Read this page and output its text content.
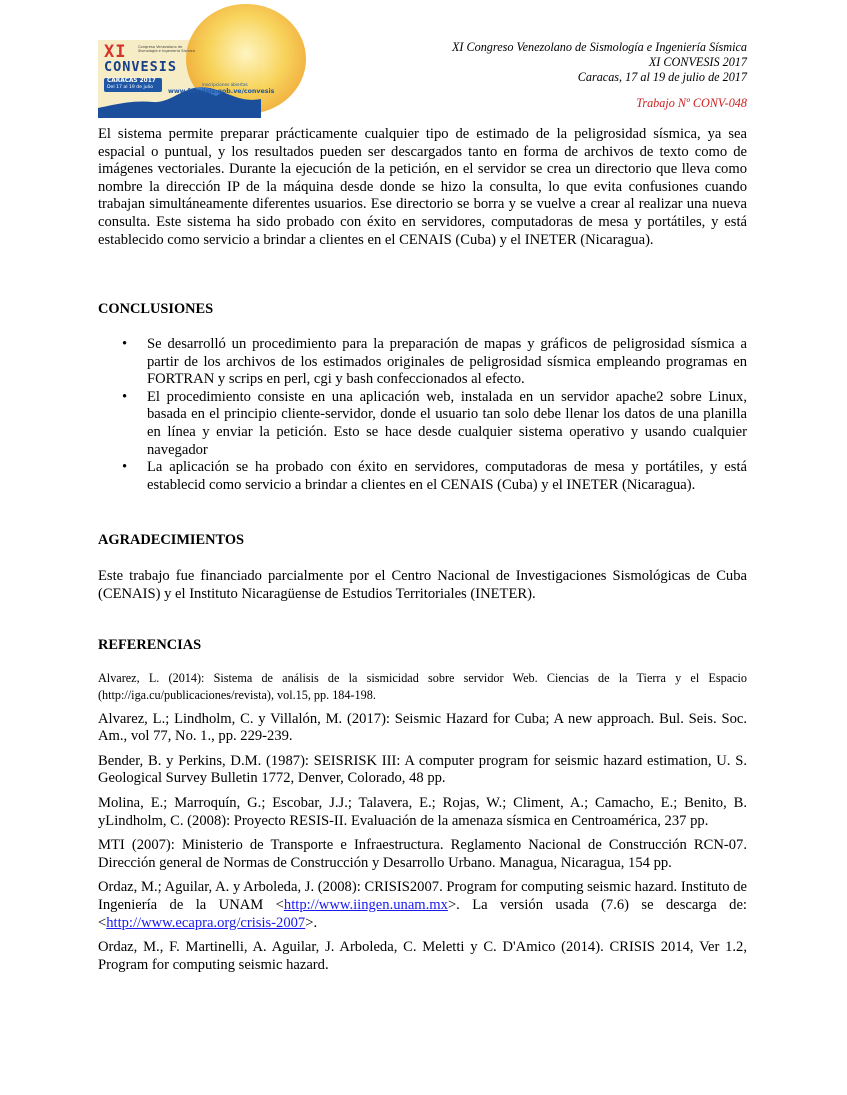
XI	Congreso Venezolano de Sismología e Ingeniería Sísmica
CONVESIS
CARACAS 2017
Del 17 al 19 de julio
inscripciones abiertas
www.funvisis.gob.ve/convesis
XI Congreso Venezolano de Sismología e Ingeniería Sísmica
XI CONVESIS 2017
Caracas, 17 al 19 de julio de 2017
Trabajo Nº CONV-048
El sistema permite preparar prácticamente cualquier tipo de estimado de la peligrosidad sísmica, ya sea espacial o puntual, y los resultados pueden ser descargados tanto en forma de archivos de texto como de imágenes vectoriales. Durante la ejecución de la petición, en el servidor se crea un directorio que lleva como nombre la dirección IP de la máquina desde donde se hizo la consulta, lo que evita confusiones cuando trabajan simultáneamente diferentes usuarios. Ese directorio se borra y se vuelve a crear al realizar una nueva consulta. Este sistema ha sido probado con éxito en servidores, computadoras de mesa y portátiles, y está establecido como servicio a brindar a clientes en el CENAIS (Cuba) y el INETER (Nicaragua).
CONCLUSIONES
• Se desarrolló un procedimiento para la preparación de mapas y gráficos de peligrosidad sísmica a partir de los archivos de los estimados originales de peligrosidad sísmica empleando programas en FORTRAN y scrips en perl, cgi y bash confeccionados al efecto.
• El procedimiento consiste en una aplicación web, instalada en un servidor apache2 sobre Linux, basada en el principio cliente-servidor, donde el usuario tan solo debe llenar los datos de una planilla en línea y enviar la petición. Esto se hace desde cualquier sistema operativo y usando cualquier navegador
• La aplicación se ha probado con éxito en servidores, computadoras de mesa y portátiles, y está establecid como servicio a brindar a clientes en el CENAIS (Cuba) y el INETER (Nicaragua).
AGRADECIMIENTOS
Este trabajo fue financiado parcialmente por el Centro Nacional de Investigaciones Sismológicas de Cuba (CENAIS) y el Instituto Nicaragüense de Estudios Territoriales (INETER).
REFERENCIAS
Alvarez, L. (2014): Sistema de análisis de la sismicidad sobre servidor Web. Ciencias de la Tierra y el Espacio (http://iga.cu/publicaciones/revista), vol.15, pp. 184-198.
Alvarez, L.; Lindholm, C. y Villalón, M. (2017): Seismic Hazard for Cuba; A new approach. Bul. Seis. Soc. Am., vol 77, No. 1., pp. 229-239.
Bender, B. y Perkins, D.M. (1987): SEISRISK III: A computer program for seismic hazard estimation, U. S. Geological Survey Bulletin 1772, Denver, Colorado, 48 pp.
Molina, E.; Marroquín, G.; Escobar, J.J.; Talavera, E.; Rojas, W.; Climent, A.; Camacho, E.; Benito, B. yLindholm, C. (2008): Proyecto RESIS-II. Evaluación de la amenaza sísmica en Centroamérica, 237 pp.
MTI (2007): Ministerio de Transporte e Infraestructura. Reglamento Nacional de Construcción RCN-07. Dirección general de Normas de Construcción y Desarrollo Urbano. Managua, Nicaragua, 154 pp.
Ordaz, M.; Aguilar, A. y Arboleda, J. (2008): CRISIS2007. Program for computing seismic hazard. Instituto de Ingeniería de la UNAM <http://www.iingen.unam.mx>. La versión usada (7.6) se descarga de: <http://www.ecapra.org/crisis-2007>.
Ordaz, M., F. Martinelli, A. Aguilar, J. Arboleda, C. Meletti y C. D'Amico (2014). CRISIS 2014, Ver 1.2, Program for computing seismic hazard.
